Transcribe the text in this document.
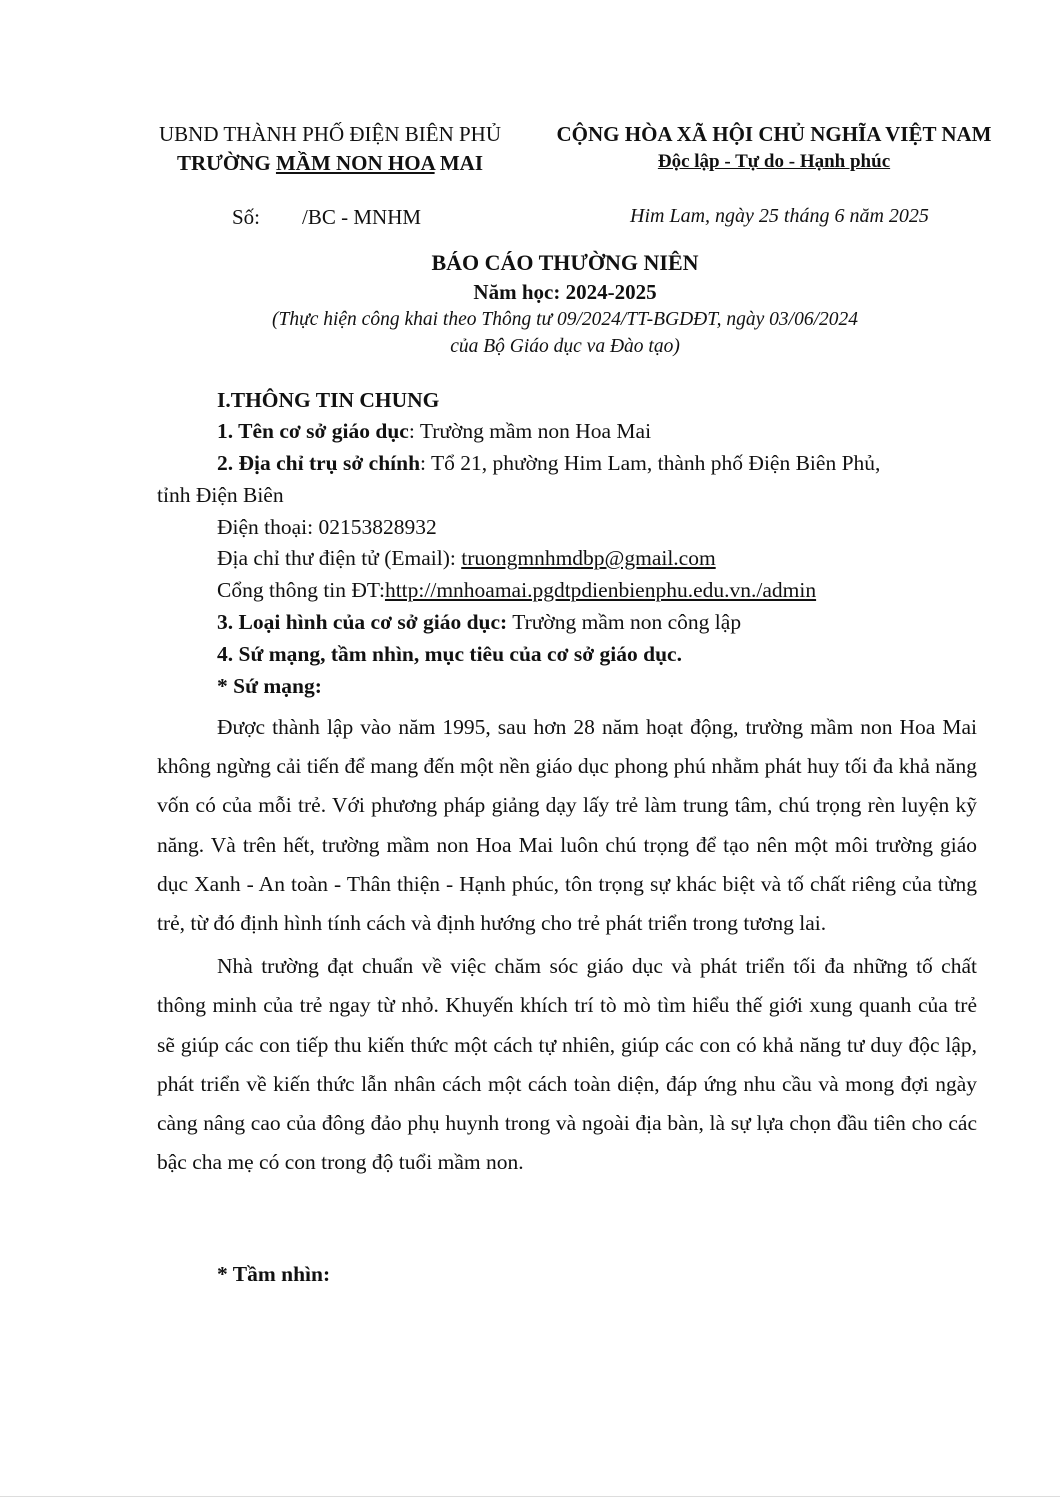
UBND THÀNH PHỐ ĐIỆN BIÊN PHỦ
TRƯỜNG MẦM NON HOA MAI
CỘNG HÒA XÃ HỘI CHỦ NGHĨA VIỆT NAM
Độc lập - Tự do - Hạnh phúc
Số: /BC - MNHM	Him Lam, ngày 25 tháng 6 năm 2025
BÁO CÁO THƯỜNG NIÊN
Năm học: 2024-2025
(Thực hiện công khai theo Thông tư 09/2024/TT-BGDĐT, ngày 03/06/2024
của Bộ Giáo dục va Đào tạo)
I.THÔNG TIN CHUNG
1. Tên cơ sở giáo dục: Trường mầm non Hoa Mai
2. Địa chỉ trụ sở chính: Tổ 21, phường Him Lam, thành phố Điện Biên Phủ,
tỉnh Điện Biên
Điện thoại: 02153828932
Địa chỉ thư điện tử (Email): truongmnhmdbp@gmail.com
Cổng thông tin ĐT:http://mnhoamai.pgdtpdienbienphu.edu.vn./admin
3. Loại hình của cơ sở giáo dục: Trường mầm non công lập
4. Sứ mạng, tầm nhìn, mục tiêu của cơ sở giáo dục.
* Sứ mạng:

Được thành lập vào năm 1995, sau hơn 28 năm hoạt động, trường mầm non Hoa Mai không ngừng cải tiến để mang đến một nền giáo dục phong phú nhằm phát huy tối đa khả năng vốn có của mỗi trẻ. Với phương pháp giảng dạy lấy trẻ làm trung tâm, chú trọng rèn luyện kỹ năng. Và trên hết, trường mầm non Hoa Mai luôn chú trọng để tạo nên một môi trường giáo dục Xanh - An toàn - Thân thiện - Hạnh phúc, tôn trọng sự khác biệt và tố chất riêng của từng trẻ, từ đó định hình tính cách và định hướng cho trẻ phát triển trong tương lai.

Nhà trường đạt chuẩn về việc chăm sóc giáo dục và phát triển tối đa những tố chất thông minh của trẻ ngay từ nhỏ. Khuyến khích trí tò mò tìm hiểu thế giới xung quanh của trẻ sẽ giúp các con tiếp thu kiến thức một cách tự nhiên, giúp các con có khả năng tư duy độc lập, phát triển về kiến thức lẫn nhân cách một cách toàn diện, đáp ứng nhu cầu và mong đợi ngày càng nâng cao của đông đảo phụ huynh trong và ngoài địa bàn, là sự lựa chọn đầu tiên cho các bậc cha mẹ có con trong độ tuổi mầm non.

* Tầm nhìn:
